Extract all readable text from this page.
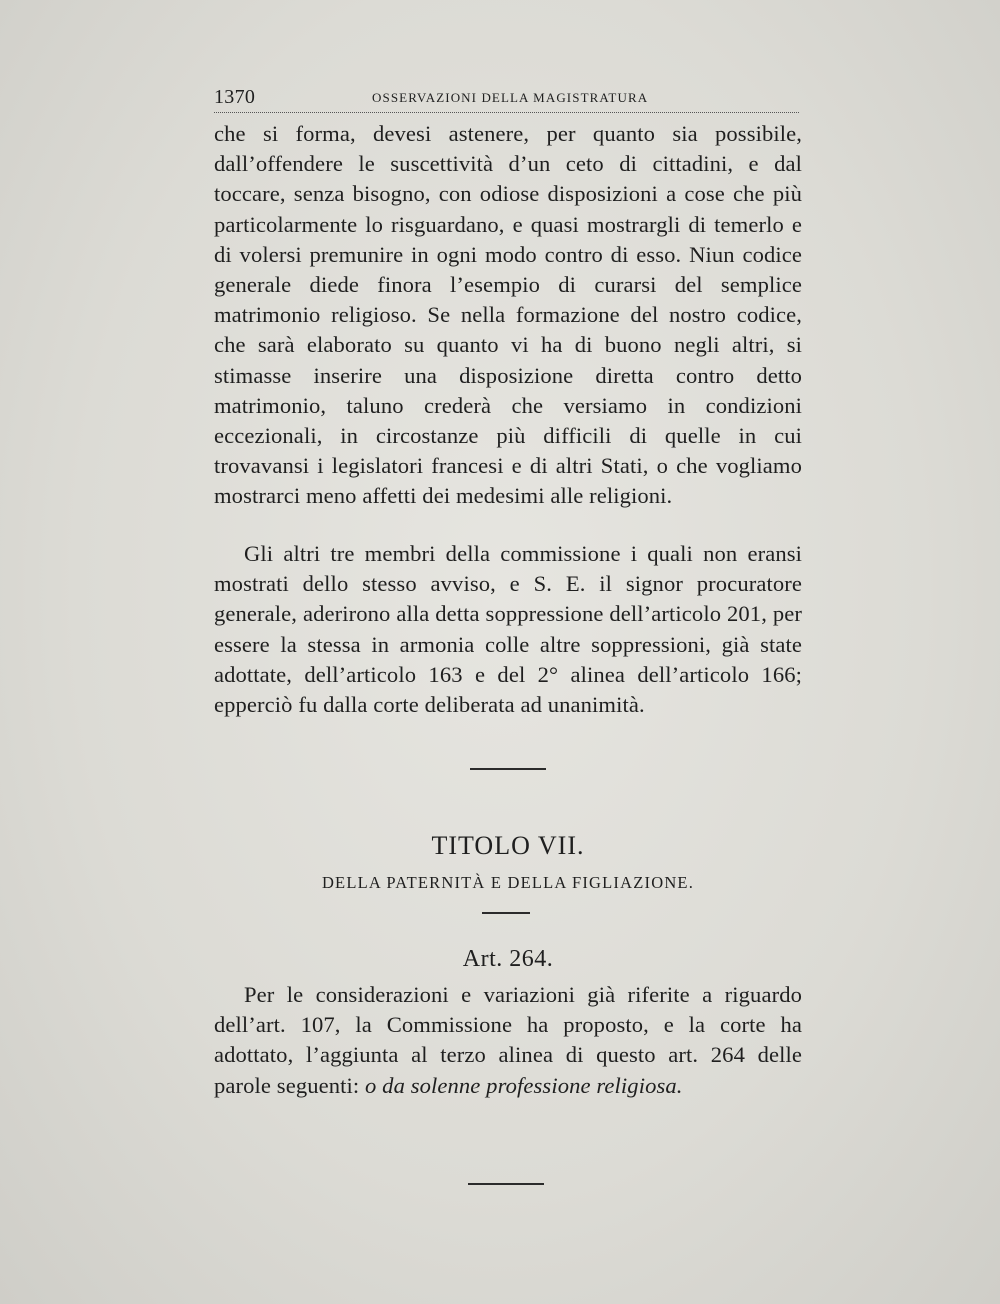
1370	OSSERVAZIONI DELLA MAGISTRATURA

che si forma, devesi astenere, per quanto sia possibile, dall’offendere le suscettività d’un ceto di cittadini, e dal toccare, senza bisogno, con odiose disposizioni a cose che più particolarmente lo risguardano, e quasi mostrargli di temerlo e di volersi premunire in ogni modo contro di esso. Niun codice generale diede finora l’esempio di curarsi del semplice matrimonio religioso. Se nella formazione del nostro codice, che sarà elaborato su quanto vi ha di buono negli altri, si stimasse inserire una disposizione diretta contro detto matrimonio, taluno crederà che versiamo in condizioni eccezionali, in circostanze più difficili di quelle in cui trovavansi i legislatori francesi e di altri Stati, o che vogliamo mostrarci meno affetti dei medesimi alle religioni.

Gli altri tre membri della commissione i quali non eransi mostrati dello stesso avviso, e S. E. il signor procuratore generale, aderirono alla detta soppressione dell’articolo 201, per essere la stessa in armonia colle altre soppressioni, già state adottate, dell’articolo 163 e del 2° alinea dell’articolo 166; epperciò fu dalla corte deliberata ad unanimità.

TITOLO VII.
DELLA PATERNITÀ E DELLA FIGLIAZIONE.
Art. 264.

Per le considerazioni e variazioni già riferite a riguardo dell’art. 107, la Commissione ha proposto, e la corte ha adottato, l’aggiunta al terzo alinea di questo art. 264 delle parole seguenti: o da solenne professione religiosa.
